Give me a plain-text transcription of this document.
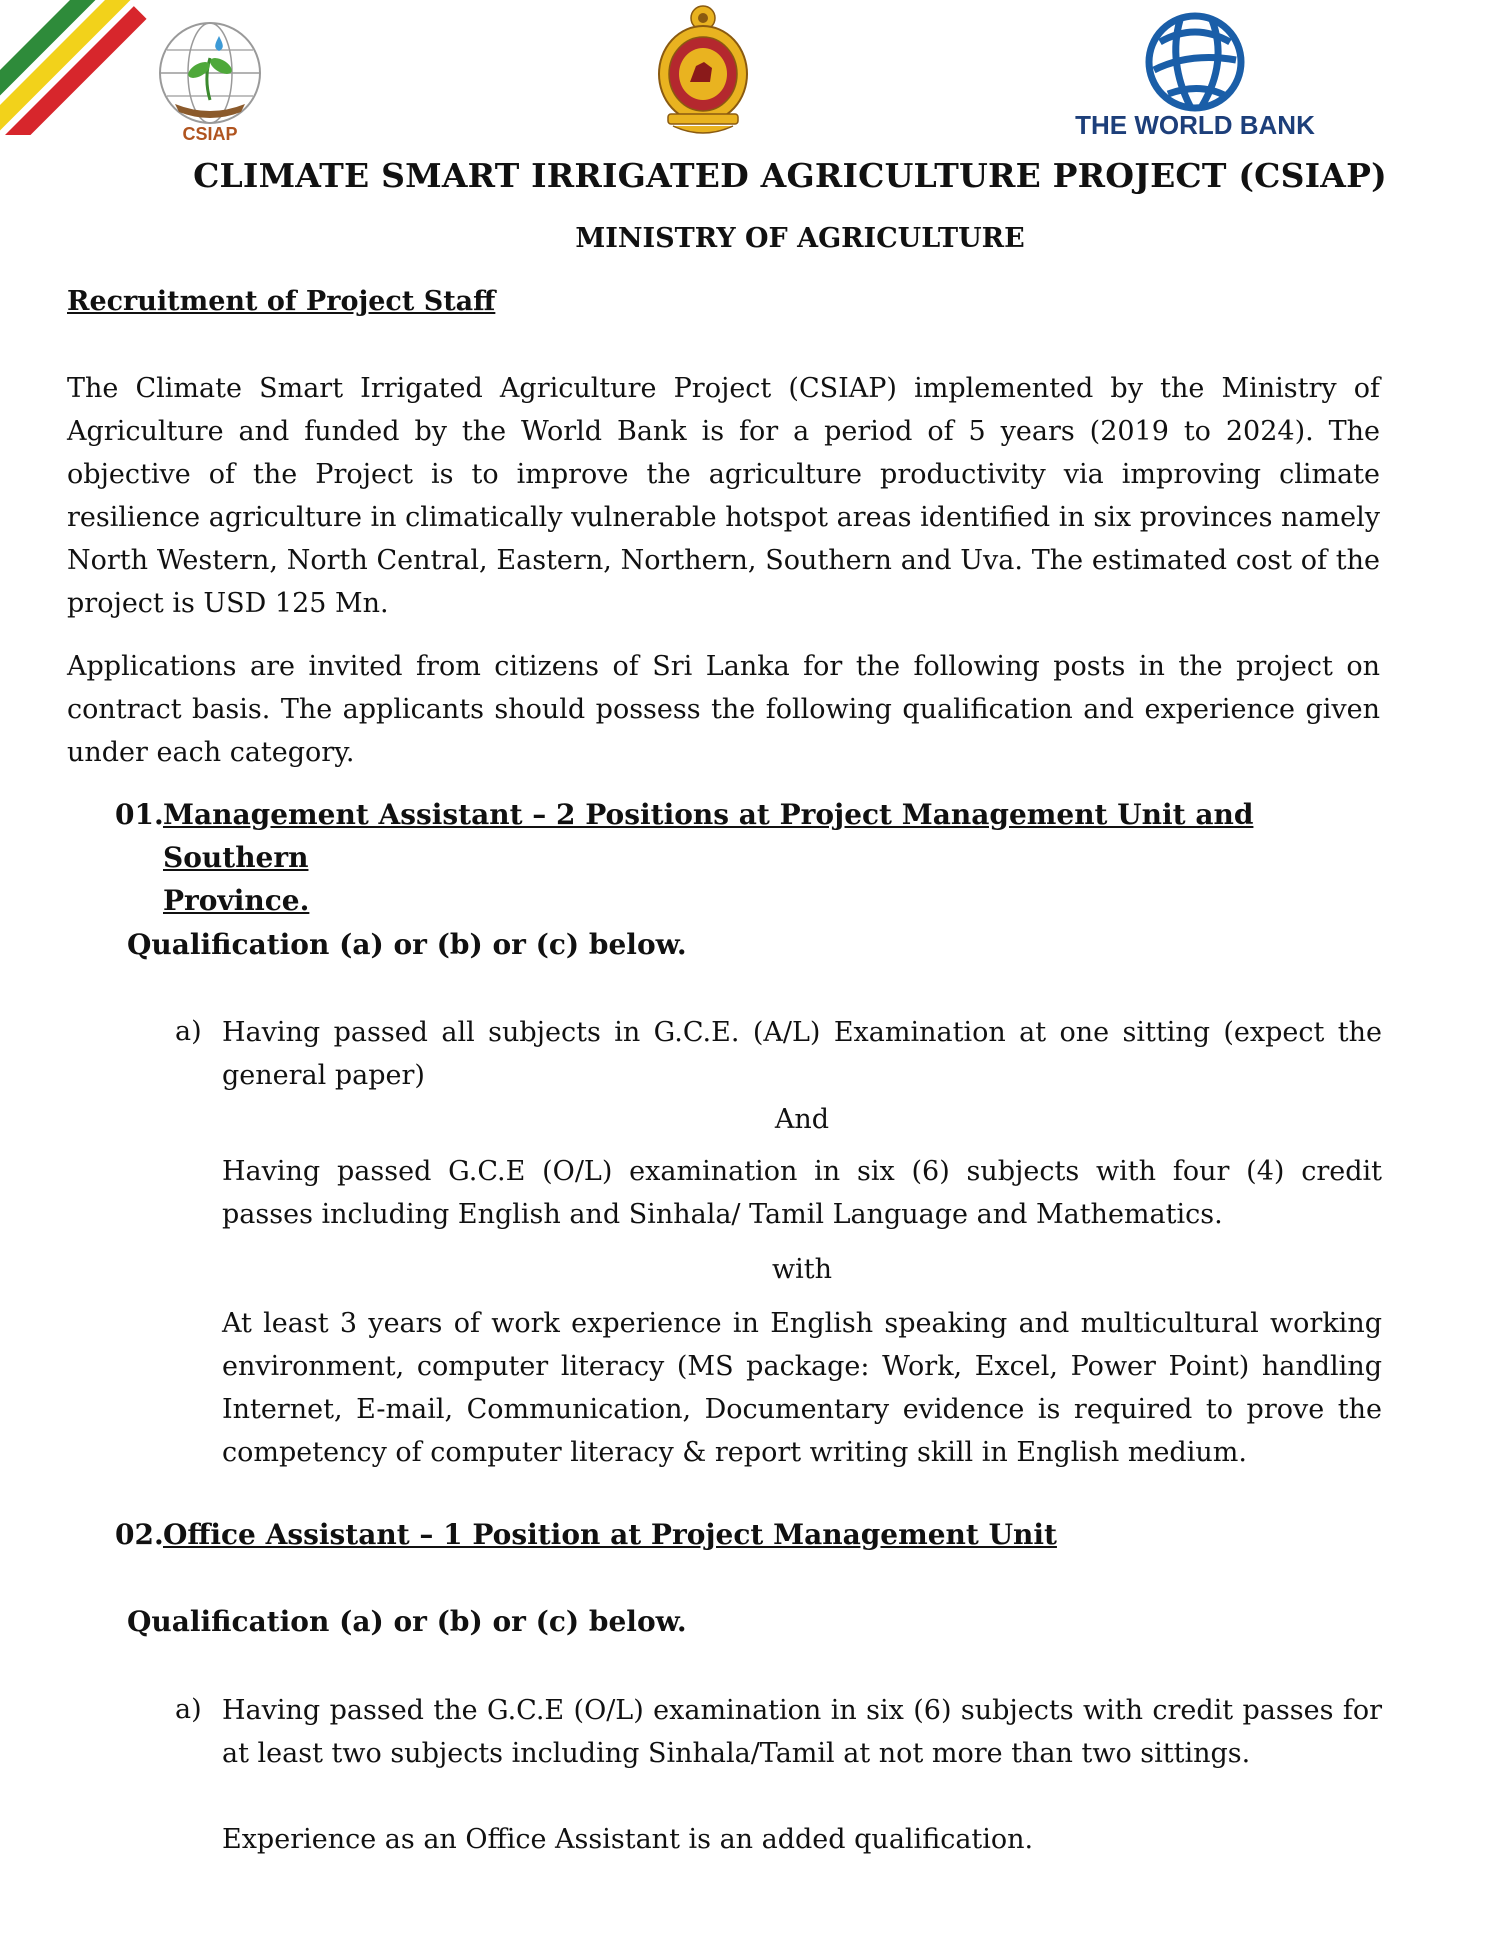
CSIAP	THE WORLD BANK
CLIMATE SMART IRRIGATED AGRICULTURE PROJECT (CSIAP)
MINISTRY OF AGRICULTURE
Recruitment of Project Staff
The Climate Smart Irrigated Agriculture Project (CSIAP) implemented by the Ministry of Agriculture and funded by the World Bank is for a period of 5 years (2019 to 2024). The objective of the Project is to improve the agriculture productivity via improving climate resilience agriculture in climatically vulnerable hotspot areas identified in six provinces namely North Western, North Central, Eastern, Northern, Southern and Uva. The estimated cost of the project is USD 125 Mn.
Applications are invited from citizens of Sri Lanka for the following posts in the project on contract basis. The applicants should possess the following qualification and experience given under each category.
01. Management Assistant – 2 Positions at Project Management Unit and Southern
Province.
Qualification (a) or (b) or (c) below.
a) Having passed all subjects in G.C.E. (A/L) Examination at one sitting (expect the general paper)
And
Having passed G.C.E (O/L) examination in six (6) subjects with four (4) credit passes including English and Sinhala/ Tamil Language and Mathematics.
with
At least 3 years of work experience in English speaking and multicultural working environment, computer literacy (MS package: Work, Excel, Power Point) handling Internet, E-mail, Communication, Documentary evidence is required to prove the competency of computer literacy & report writing skill in English medium.
02. Office Assistant – 1 Position at Project Management Unit
Qualification (a) or (b) or (c) below.
a) Having passed the G.C.E (O/L) examination in six (6) subjects with credit passes for at least two subjects including Sinhala/Tamil at not more than two sittings.
Experience as an Office Assistant is an added qualification.
